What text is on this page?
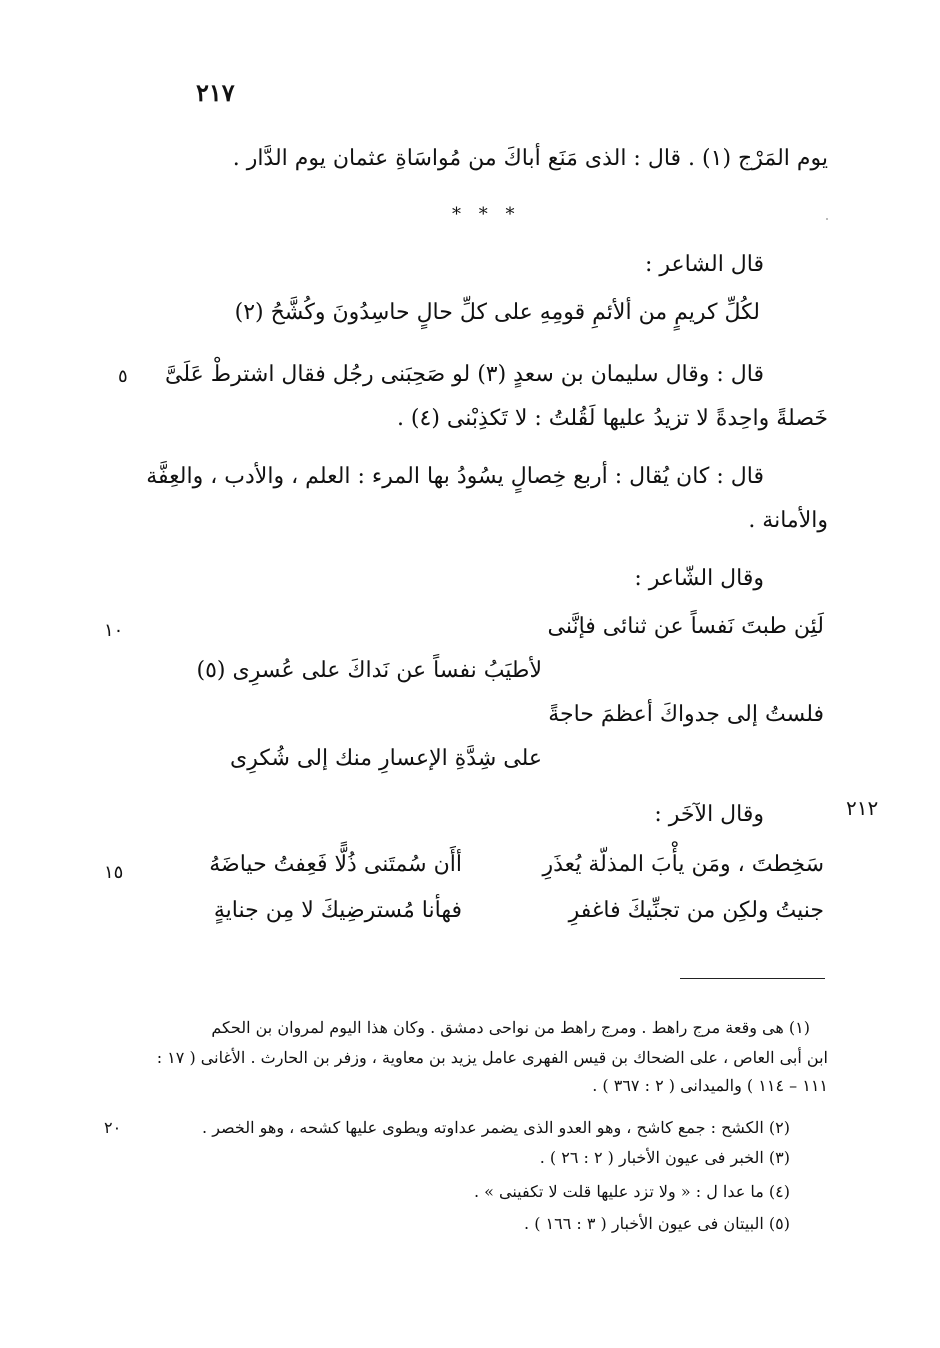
٢١٧
يوم المَرْج (١) . قال : الذى مَنَع أباكَ من مُواسَاةِ عثمان يوم الدَّار .
* * *
قال الشاعر :
لكُلِّ كريمٍ من ألأئمِ قومِهِ على كلِّ حالٍ حاسِدُونَ وكُشَّحُ (٢)
قال : وقال سليمان بن سعدٍ (٣) لو صَحِبَنى رجُل فقال اشترطْ عَلَىَّ
خَصلةً واحِدةً لا تزيدُ عليها لَقُلتُ : لا تَكذِبْنى (٤) .
٥
قال : كان يُقال : أربع خِصالٍ يسُودُ بها المرء : العلم ، والأدب ، والعِفَّة
والأمانة .
وقال الشّاعر :
لَئِن طبتَ نَفساً عن ثنائى فإنَّنى
لأطيَبُ نفساً عن نَداكَ على عُسرِى (٥)
فلستُ إلى جدواكَ أعظمَ حاجةً
على شِدَّةِ الإعسارِ منك إلى شُكرِى
١٠
وقال الآخَر :	٢١٢
أأَن سُمتَنى ذُلًّا فَعِفتُ حياضَهُ	سَخِطتَ ، ومَن يأْبَ المذلّة يُعذَرِ
فهأنا مُسترضِيكَ لا مِن جنايةٍ	جنيتُ ولكِن من تجنِّيكَ فاغفرِ
١٥
(١) هى وقعة مرج راهط . ومرج راهط من نواحى دمشق . وكان هذا اليوم لمروان بن الحكم
ابن أبى العاص ، على الضحاك بن قيس الفهرى عامل يزيد بن معاوية ، وزفر بن الحارث . الأغانى ( ١٧ :
١١١ – ١١٤ ) والميدانى ( ٢ : ٣٦٧ ) .
(٢) الكشح : جمع كاشح ، وهو العدو الذى يضمر عداوته ويطوى عليها كشحه ، وهو الخصر .
(٣) الخبر فى عيون الأخبار ( ٢ : ٢٦ ) .
(٤) ما عدا ل : « ولا تزد عليها قلت لا تكفينى » .
(٥) البيتان فى عيون الأخبار ( ٣ : ١٦٦ ) .
٢٠
